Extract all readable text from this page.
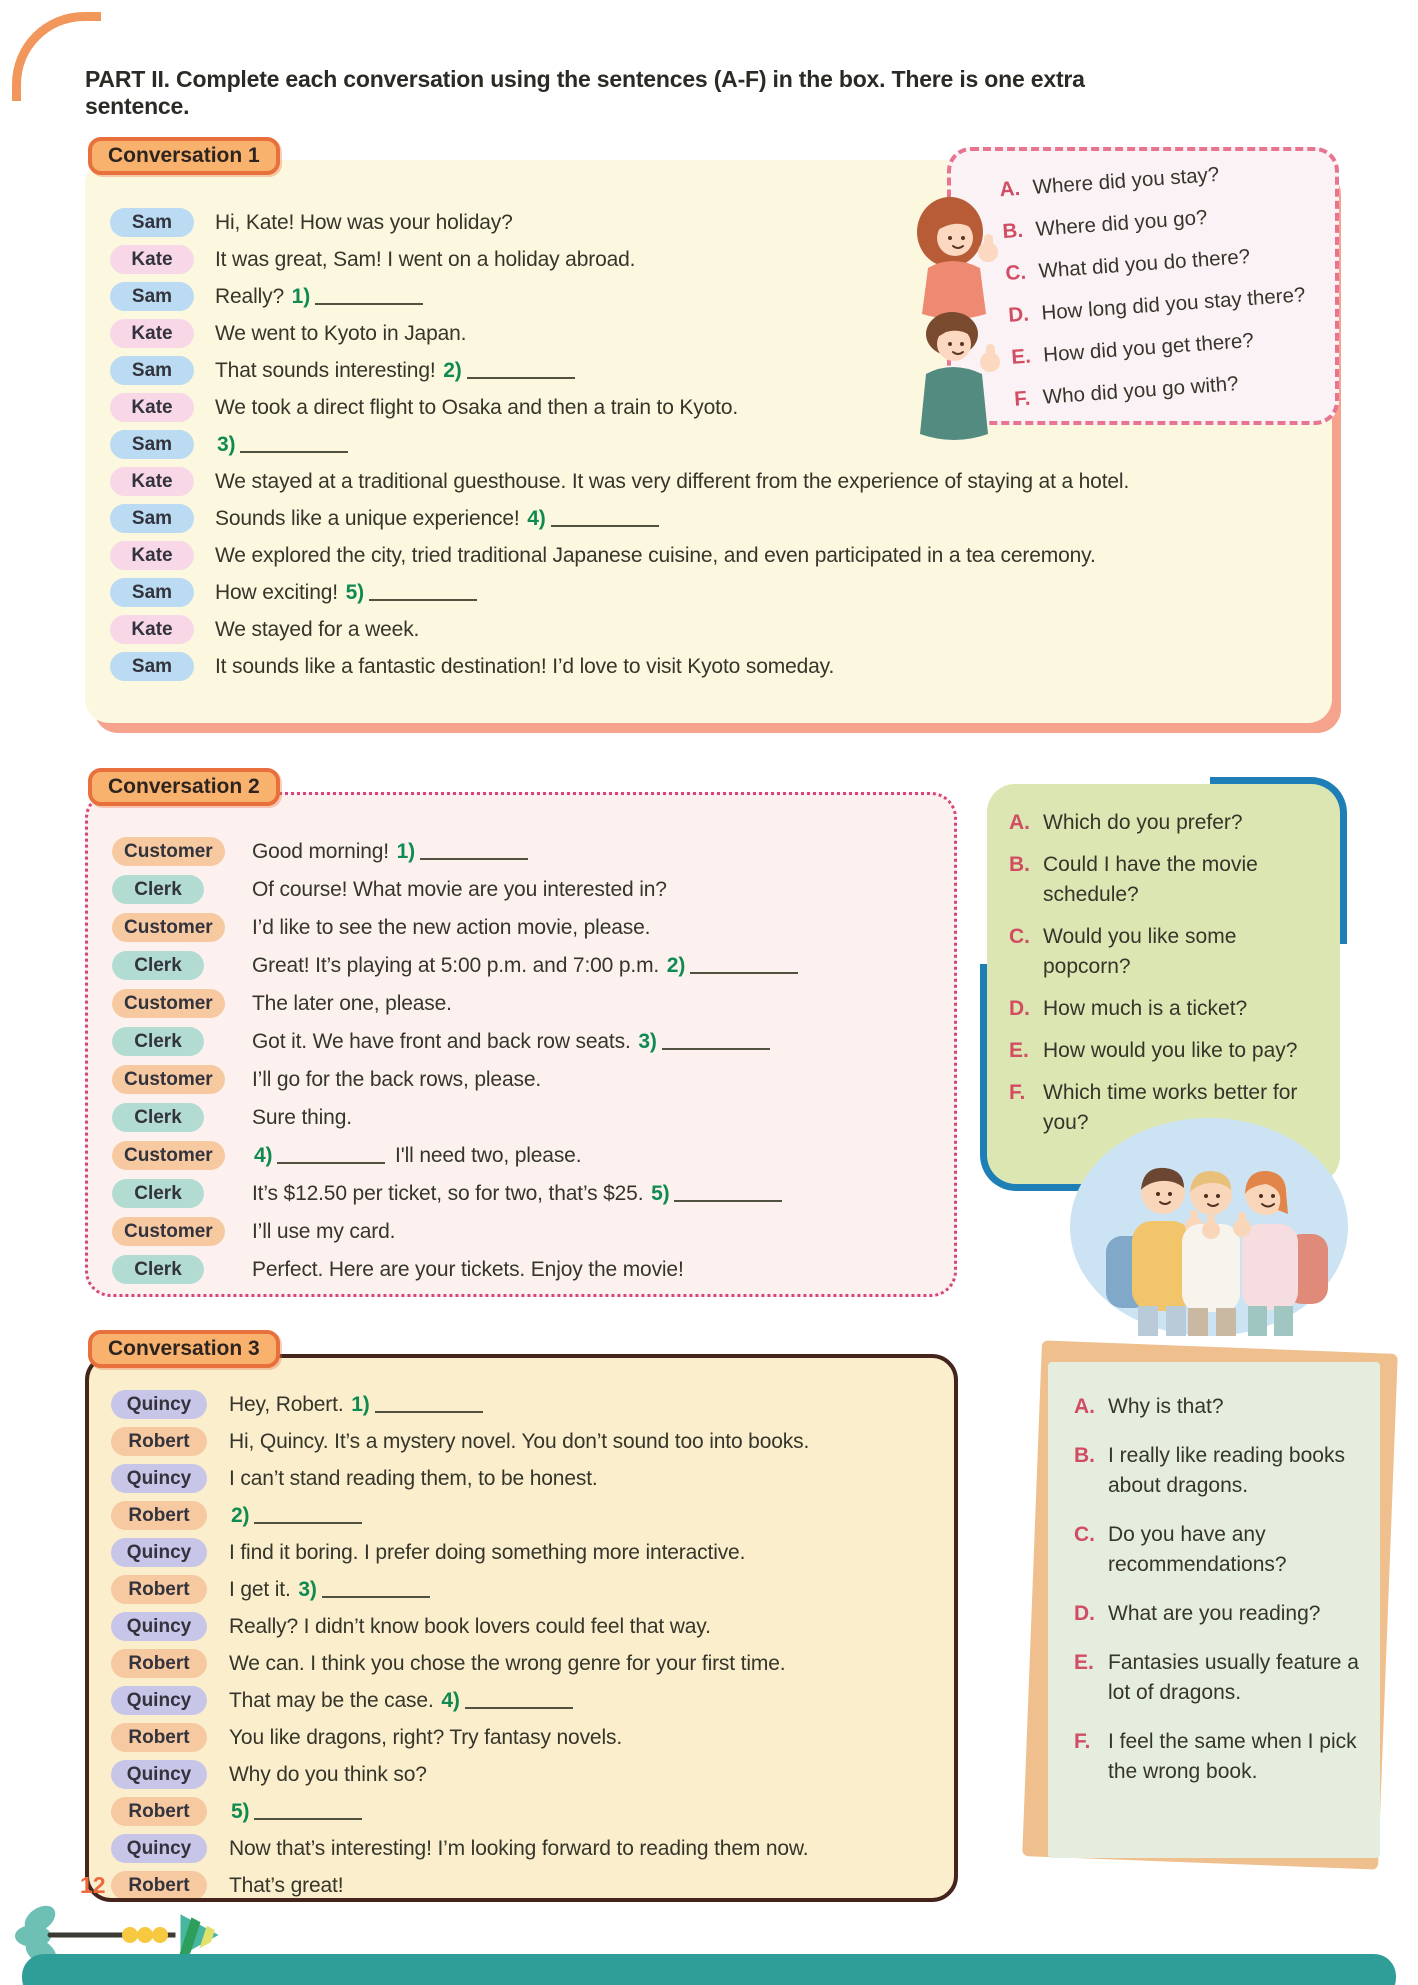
PART II. Complete each conversation using the sentences (A-F) in the box. There is one extra sentence.
Conversation 1
Sam	Hi, Kate! How was your holiday?
Kate	It was great, Sam! I went on a holiday abroad.
Sam	Really? 1)
Kate	We went to Kyoto in Japan.
Sam	That sounds interesting! 2)
Kate	We took a direct flight to Osaka and then a train to Kyoto.
Sam	3)
Kate	We stayed at a traditional guesthouse. It was very different from the experience of staying at a hotel.
Sam	Sounds like a unique experience! 4)
Kate	We explored the city, tried traditional Japanese cuisine, and even participated in a tea ceremony.
Sam	How exciting! 5)
Kate	We stayed for a week.
Sam	It sounds like a fantastic destination! I’d love to visit Kyoto someday.
A. Where did you stay?
B. Where did you go?
C. What did you do there?
D. How long did you stay there?
E. How did you get there?
F. Who did you go with?
Conversation 2
Customer	Good morning! 1)
Clerk	Of course! What movie are you interested in?
Customer	I’d like to see the new action movie, please.
Clerk	Great! It’s playing at 5:00 p.m. and 7:00 p.m. 2)
Customer	The later one, please.
Clerk	Got it. We have front and back row seats. 3)
Customer	I’ll go for the back rows, please.
Clerk	Sure thing.
Customer	4)	I'll need two, please.
Clerk	It’s $12.50 per ticket, so for two, that’s $25. 5)
Customer	I’ll use my card.
Clerk	Perfect. Here are your tickets. Enjoy the movie!
A. Which do you prefer?
B. Could I have the movie schedule?
C. Would you like some popcorn?
D. How much is a ticket?
E. How would you like to pay?
F. Which time works better for you?
Conversation 3
Quincy	Hey, Robert. 1)
Robert	Hi, Quincy. It’s a mystery novel. You don’t sound too into books.
Quincy	I can’t stand reading them, to be honest.
Robert	2)
Quincy	I find it boring. I prefer doing something more interactive.
Robert	I get it. 3)
Quincy	Really? I didn’t know book lovers could feel that way.
Robert	We can. I think you chose the wrong genre for your first time.
Quincy	That may be the case. 4)
Robert	You like dragons, right? Try fantasy novels.
Quincy	Why do you think so?
Robert	5)
Quincy	Now that’s interesting! I’m looking forward to reading them now.
Robert	That’s great!
A. Why is that?
B. I really like reading books about dragons.
C. Do you have any recommendations?
D. What are you reading?
E. Fantasies usually feature a lot of dragons.
F. I feel the same when I pick the wrong book.
12
